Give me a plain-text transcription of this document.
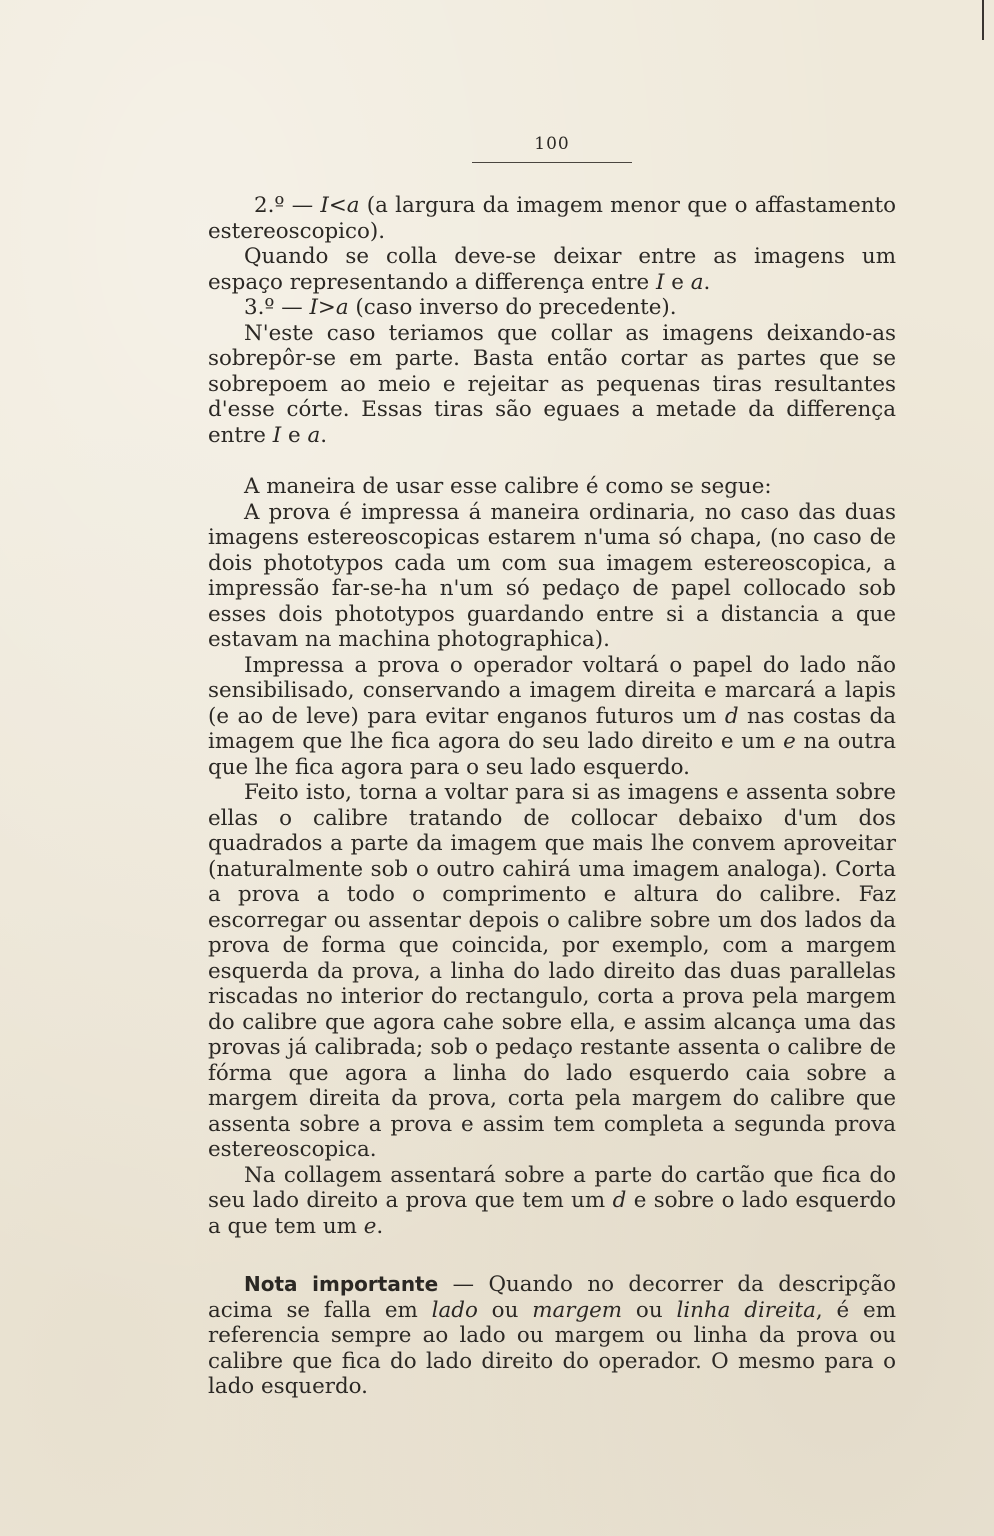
100

2.º — I<a (a largura da imagem menor que o affastamento estereoscopico).

Quando se colla deve-se deixar entre as imagens um espaço representando a differença entre I e a.

3.º — I>a (caso inverso do precedente).

N'este caso teriamos que collar as imagens deixando-as sobrepôr-se em parte. Basta então cortar as partes que se sobrepoem ao meio e rejeitar as pequenas tiras resultantes d'esse córte. Essas tiras são eguaes a metade da differença entre I e a.

A maneira de usar esse calibre é como se segue:

A prova é impressa á maneira ordinaria, no caso das duas imagens estereoscopicas estarem n'uma só chapa, (no caso de dois phototypos cada um com sua imagem estereoscopica, a impressão far-se-ha n'um só pedaço de papel collocado sob esses dois phototypos guardando entre si a distancia a que estavam na machina photographica).

Impressa a prova o operador voltará o papel do lado não sensibilisado, conservando a imagem direita e marcará a lapis (e ao de leve) para evitar enganos futuros um d nas costas da imagem que lhe fica agora do seu lado direito e um e na outra que lhe fica agora para o seu lado esquerdo.

Feito isto, torna a voltar para si as imagens e assenta sobre ellas o calibre tratando de collocar debaixo d'um dos quadrados a parte da imagem que mais lhe convem aproveitar (naturalmente sob o outro cahirá uma imagem analoga). Corta a prova a todo o comprimento e altura do calibre. Faz escorregar ou assentar depois o calibre sobre um dos lados da prova de forma que coincida, por exemplo, com a margem esquerda da prova, a linha do lado direito das duas parallelas riscadas no interior do rectangulo, corta a prova pela margem do calibre que agora cahe sobre ella, e assim alcança uma das provas já calibrada; sob o pedaço restante assenta o calibre de fórma que agora a linha do lado esquerdo caia sobre a margem direita da prova, corta pela margem do calibre que assenta sobre a prova e assim tem completa a segunda prova estereoscopica.

Na collagem assentará sobre a parte do cartão que fica do seu lado direito a prova que tem um d e sobre o lado esquerdo a que tem um e.

Nota importante — Quando no decorrer da descripção acima se falla em lado ou margem ou linha direita, é em referencia sempre ao lado ou margem ou linha da prova ou calibre que fica do lado direito do operador. O mesmo para o lado esquerdo.
